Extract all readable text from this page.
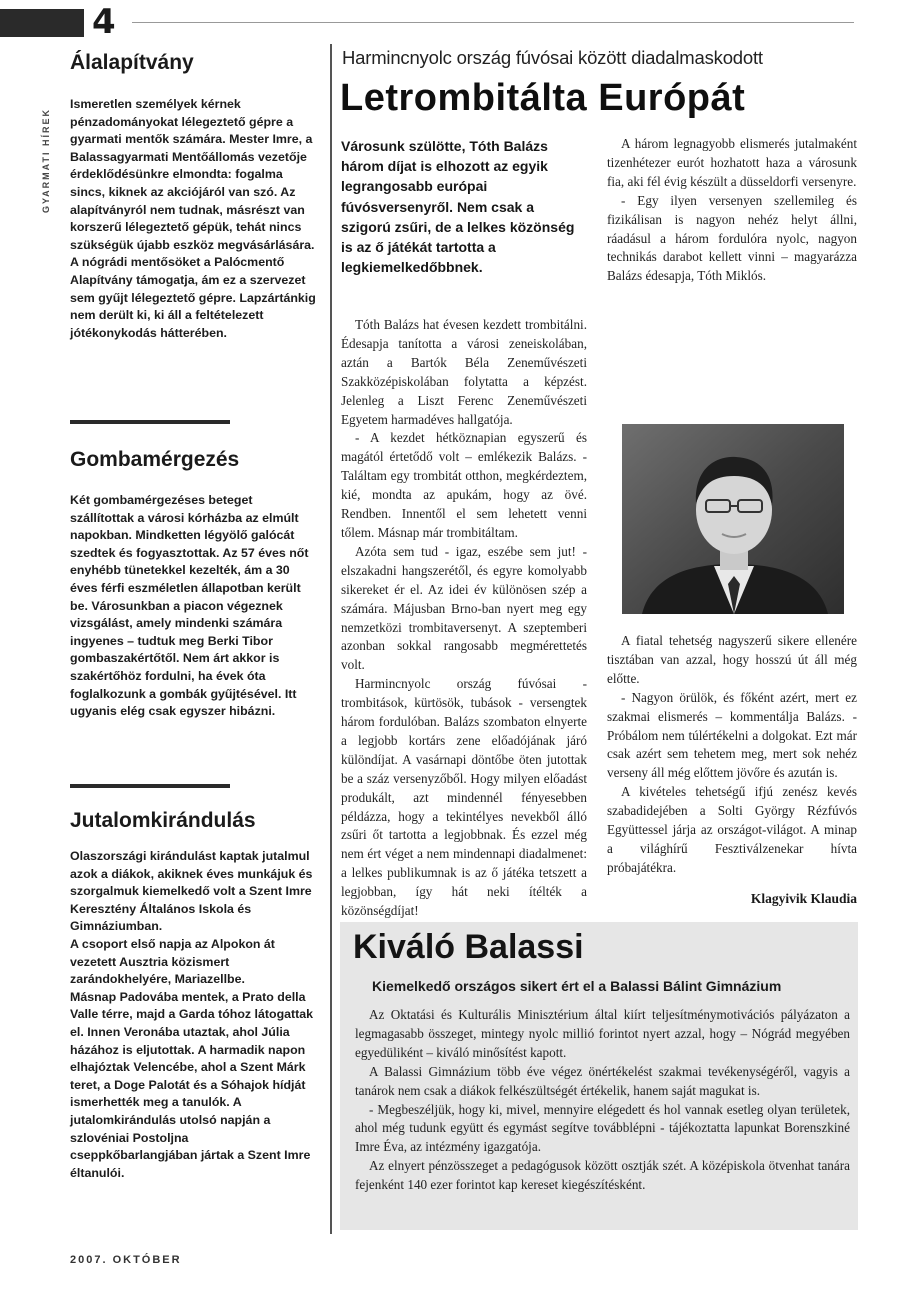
4
GYARMATI HÍREK
Álalapítvány

Ismeretlen személyek kérnek pénzadományokat lélegeztető gépre a gyarmati mentők számára. Mester Imre, a Balassagyarmati Mentőállomás vezetője érdeklődésünkre elmondta: fogalma sincs, kiknek az akciójáról van szó. Az alapítványról nem tudnak, másrészt van korszerű lélegeztető gépük, tehát nincs szükségük újabb eszköz megvásárlására. A nógrádi mentősöket a Palócmentő Alapítvány támogatja, ám ez a szervezet sem gyűjt lélegeztető gépre. Lapzártánkig nem derült ki, ki áll a feltételezett jótékonykodás hátterében.

Gombamérgezés

Két gombamérgezéses beteget szállítottak a városi kórházba az elmúlt napokban. Mindketten légyölő galócát szedtek és fogyasztottak. Az 57 éves nőt enyhébb tünetekkel kezelték, ám a 30 éves férfi eszméletlen állapotban került be. Városunkban a piacon végeznek vizsgálást, amely mindenki számára ingyenes – tudtuk meg Berki Tibor gombaszakértőtől. Nem árt akkor is szakértőhöz fordulni, ha évek óta foglalkozunk a gombák gyűjtésével. Itt ugyanis elég csak egyszer hibázni.

Jutalomkirándulás

Olaszországi kirándulást kaptak jutalmul azok a diákok, akiknek éves munkájuk és szorgalmuk kiemelkedő volt a Szent Imre Keresztény Általános Iskola és Gimnáziumban.

A csoport első napja az Alpokon át vezetett Ausztria közismert zarándokhelyére, Mariazellbe.

Másnap Padovába mentek, a Prato della Valle térre, majd a Garda tóhoz látogattak el. Innen Veronába utaztak, ahol Júlia házához is eljutottak. A harmadik napon elhajóztak Velencébe, ahol a Szent Márk teret, a Doge Palotát és a Sóhajok hídját ismerhették meg a tanulók. A jutalomkirándulás utolsó napján a szlovéniai Postoljna cseppkőbarlangjában jártak a Szent Imre éltanulói.

Harmincnyolc ország fúvósai között diadalmaskodott
Letrombitálta Európát
Városunk szülötte, Tóth Balázs három díjat is elhozott az egyik legrangosabb európai fúvósversenyről. Nem csak a szigorú zsűri, de a lelkes közönség is az ő játékát tartotta a legkiemelkedőbbnek.

Tóth Balázs hat évesen kezdett trombitálni. Édesapja tanította a városi zeneiskolában, aztán a Bartók Béla Zeneművészeti Szakközépiskolában folytatta a képzést. Jelenleg a Liszt Ferenc Zeneművészeti Egyetem harmadéves hallgatója.

- A kezdet hétköznapian egyszerű és magától értetődő volt – emlékezik Balázs. - Találtam egy trombitát otthon, megkérdeztem, kié, mondta az apukám, hogy az övé. Rendben. Innentől el sem lehetett venni tőlem. Másnap már trombitáltam.

Azóta sem tud - igaz, eszébe sem jut! - elszakadni hangszerétől, és egyre komolyabb sikereket ér el. Az idei év különösen szép a számára. Májusban Brno-ban nyert meg egy nemzetközi trombitaversenyt. A szeptemberi azonban sokkal rangosabb megmérettetés volt.

Harmincnyolc ország fúvósai - trombitások, kürtösök, tubások - versengtek három fordulóban. Balázs szombaton elnyerte a legjobb kortárs zene előadójának járó különdíjat. A vasárnapi döntőbe öten jutottak be a száz versenyzőből. Hogy milyen előadást produkált, azt mindennél fényesebben példázza, hogy a tekintélyes nevekből álló zsűri őt tartotta a legjobbnak. És ezzel még nem ért véget a nem mindennapi diadalmenet: a lelkes publikumnak is az ő játéka tetszett a legjobban, így hát neki ítélték a közönségdíjat!

A három legnagyobb elismerés jutalmaként tizenhétezer eurót hozhatott haza a városunk fia, aki fél évig készült a düsseldorfi versenyre.

- Egy ilyen versenyen szellemileg és fizikálisan is nagyon nehéz helyt állni, ráadásul a három fordulóra nyolc, nagyon technikás darabot kellett vinni – magyarázza Balázs édesapja, Tóth Miklós.

A fiatal tehetség nagyszerű sikere ellenére tisztában van azzal, hogy hosszú út áll még előtte.

- Nagyon örülök, és főként azért, mert ez szakmai elismerés – kommentálja Balázs. - Próbálom nem túlértékelni a dolgokat. Ezt már csak azért sem tehetem meg, mert sok nehéz verseny áll még előttem jövőre és azután is.

A kivételes tehetségű ifjú zenész kevés szabadidejében a Solti György Rézfúvós Együttessel járja az országot-világot. A minap a világhírű Fesztiválzenekar hívta próbajátékra.

Klagyivik Klaudia
Kiváló Balassi
Kiemelkedő országos sikert ért el a Balassi Bálint Gimnázium

Az Oktatási és Kulturális Minisztérium által kiírt teljesítménymotivációs pályázaton a legmagasabb összeget, mintegy nyolc millió forintot nyert azzal, hogy – Nógrád megyében egyedüliként – kiváló minősítést kapott.

A Balassi Gimnázium több éve végez önértékelést szakmai tevékenységéről, vagyis a tanárok nem csak a diákok felkészültségét értékelik, hanem saját magukat is.

- Megbeszéljük, hogy ki, mivel, mennyire elégedett és hol vannak esetleg olyan területek, ahol még tudunk együtt és egymást segítve továbblépni - tájékoztatta lapunkat Borenszkiné Imre Éva, az intézmény igazgatója.

Az elnyert pénzösszeget a pedagógusok között osztják szét. A középiskola ötvenhat tanára fejenként 140 ezer forintot kap kereset kiegészítésként.

2007. OKTÓBER
